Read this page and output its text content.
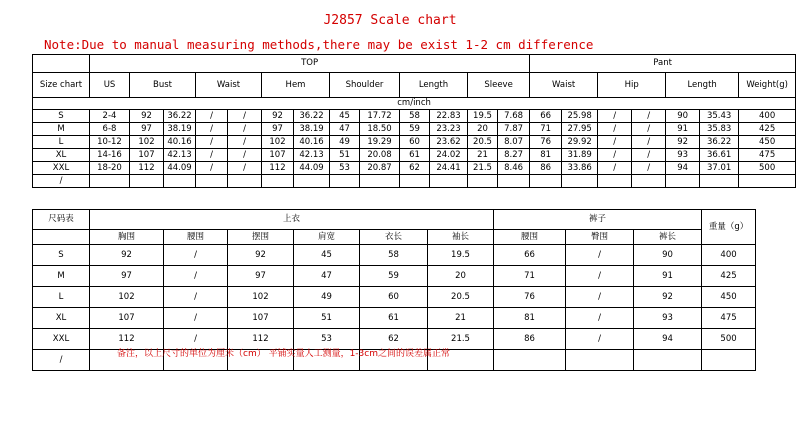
J2857 Scale chart
Note:Due to manual measuring methods,there may be exist 1-2 cm difference
	TOP													Pant						
Size chart	US	Bust		Waist		Hem		Shoulder		Length		Sleeve		Waist		Hip		Length		Weight(g)
cm/inch																				
S	2-4	92	36.22	/	/	92	36.22	45	17.72	58	22.83	19.5	7.68	66	25.98	/	/	90	35.43	400
M	6-8	97	38.19	/	/	97	38.19	47	18.50	59	23.23	20	7.87	71	27.95	/	/	91	35.83	425
L	10-12	102	40.16	/	/	102	40.16	49	19.29	60	23.62	20.5	8.07	76	29.92	/	/	92	36.22	450
XL	14-16	107	42.13	/	/	107	42.13	51	20.08	61	24.02	21	8.27	81	31.89	/	/	93	36.61	475
XXL	18-20	112	44.09	/	/	112	44.09	53	20.87	62	24.41	21.5	8.46	86	33.86	/	/	94	37.01	500
/																				
尺码表	上衣						裤子			重量（g）
	胸围	腰围	摆围	肩宽	衣长	袖长	腰围	臀围	裤长	
S	92	/	92	45	58	19.5	66	/	90	400
M	97	/	97	47	59	20	71	/	91	425
L	102	/	102	49	60	20.5	76	/	92	450
XL	107	/	107	51	61	21	81	/	93	475
XXL	112	/	112	53	62	21.5	86	/	94	500
/										
备注，以上尺寸的单位为厘米（cm） 平铺实量人工测量，1-3cm之间的误差属正常
